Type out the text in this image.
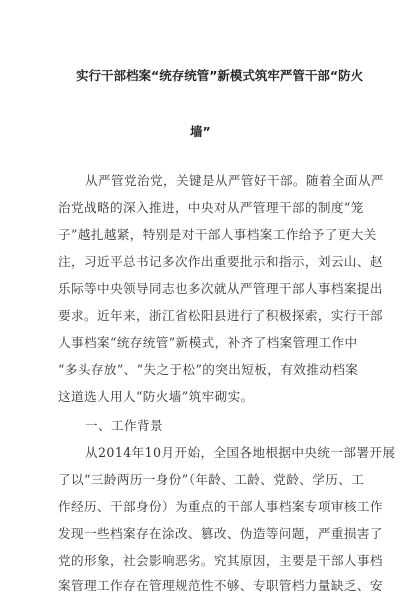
实行干部档案“统存统管”新模式筑牢严管干部“防火
墙”
从严管党治党，关键是从严管好干部。随着全面从严
治党战略的深入推进，中央对从严管理干部的制度“笼
子”越扎越紧，特别是对干部人事档案工作给予了更大关
注，习近平总书记多次作出重要批示和指示，刘云山、赵
乐际等中央领导同志也多次就从严管理干部人事档案提出
要求。近年来，浙江省松阳县进行了积极探索，实行干部
人事档案“统存统管”新模式，补齐了档案管理工作中
“多头存放”、“失之于松”的突出短板，有效推动档案
这道选人用人“防火墙”筑牢砌实。
一、工作背景
从2014年10月开始，全国各地根据中央统一部署开展
了以“三龄两历一身份”（年龄、工龄、党龄、学历、工
作经历、干部身份）为重点的干部人事档案专项审核工作
发现一些档案存在涂改、篡改、伪造等问题，严重损害了
党的形象，社会影响恶劣。究其原因，主要是干部人事档
案管理工作存在管理规范性不够、专职管档力量缺乏、安
